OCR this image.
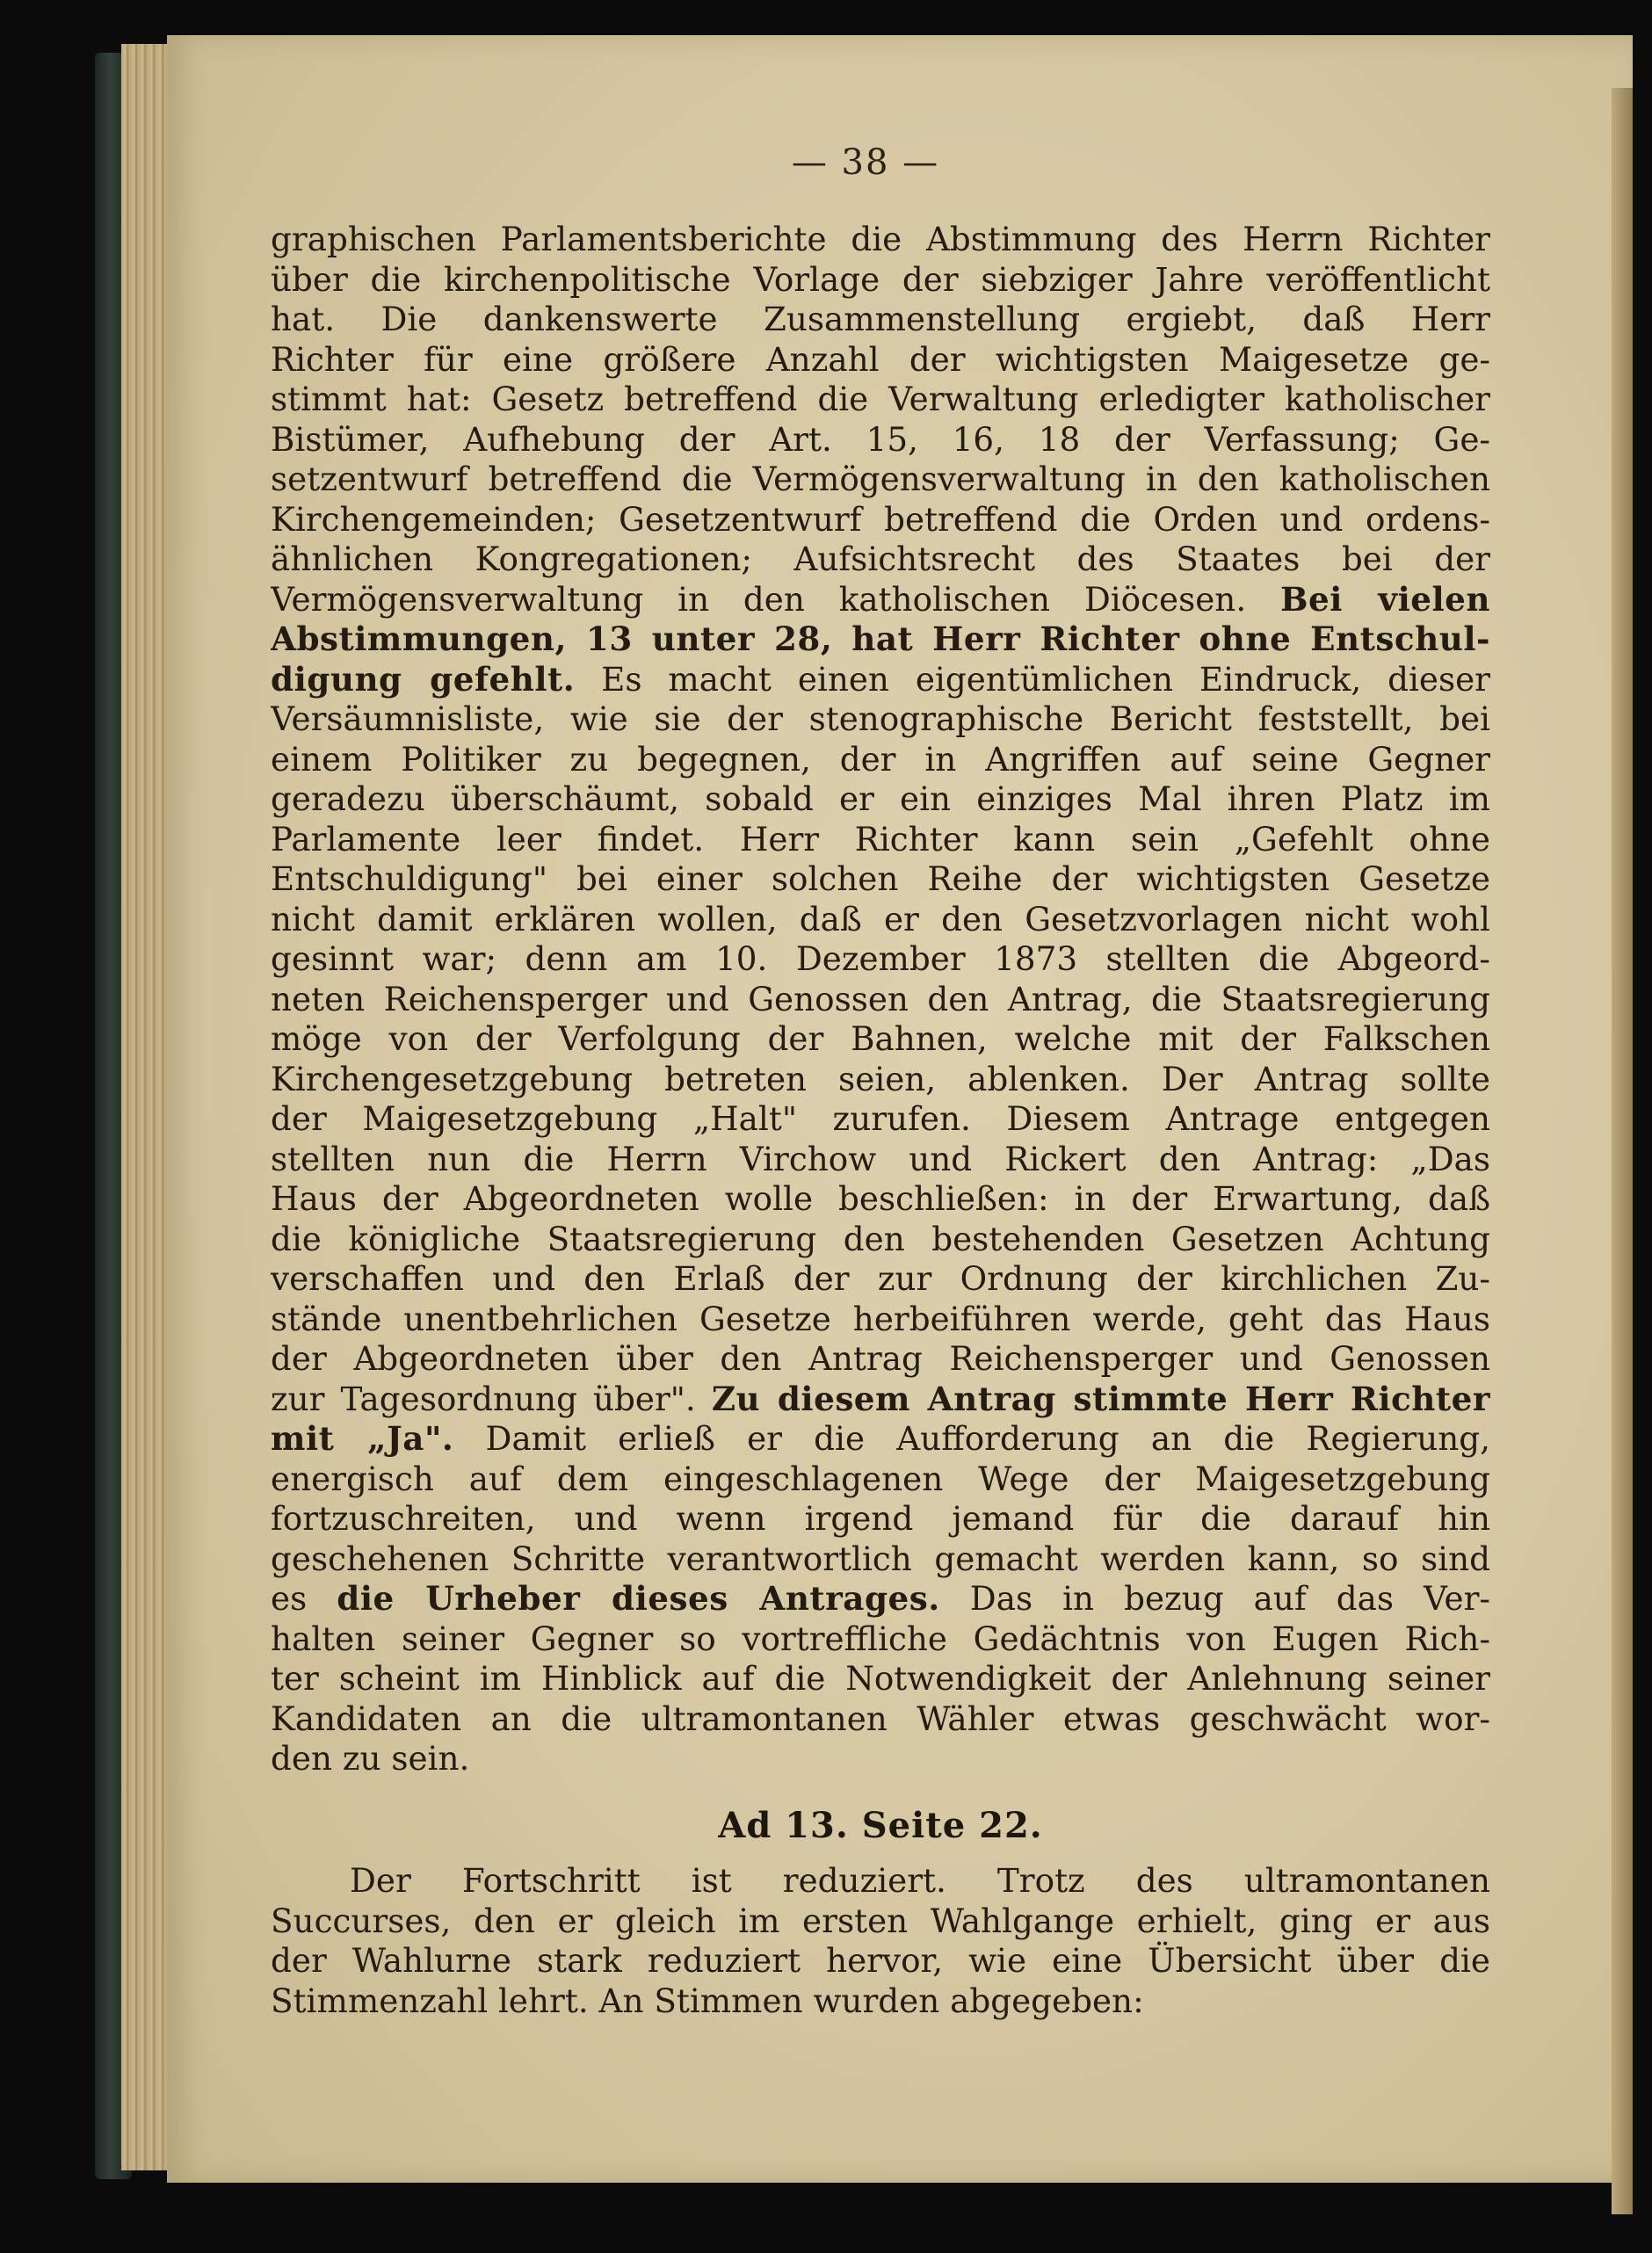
— 38 —
graphischen Parlamentsberichte die Abstimmung des Herrn Richter
über die kirchenpolitische Vorlage der siebziger Jahre veröffentlicht
hat. Die dankenswerte Zusammenstellung ergiebt, daß Herr
Richter für eine größere Anzahl der wichtigsten Maigesetze ge-
stimmt hat: Gesetz betreffend die Verwaltung erledigter katholischer
Bistümer, Aufhebung der Art. 15, 16, 18 der Verfassung; Ge-
setzentwurf betreffend die Vermögensverwaltung in den katholischen
Kirchengemeinden; Gesetzentwurf betreffend die Orden und ordens-
ähnlichen Kongregationen; Aufsichtsrecht des Staates bei der
Vermögensverwaltung in den katholischen Diöcesen. Bei vielen
Abstimmungen, 13 unter 28, hat Herr Richter ohne Entschul-
digung gefehlt. Es macht einen eigentümlichen Eindruck, dieser
Versäumnisliste, wie sie der stenographische Bericht feststellt, bei
einem Politiker zu begegnen, der in Angriffen auf seine Gegner
geradezu überschäumt, sobald er ein einziges Mal ihren Platz im
Parlamente leer findet. Herr Richter kann sein „Gefehlt ohne
Entschuldigung" bei einer solchen Reihe der wichtigsten Gesetze
nicht damit erklären wollen, daß er den Gesetzvorlagen nicht wohl
gesinnt war; denn am 10. Dezember 1873 stellten die Abgeord-
neten Reichensperger und Genossen den Antrag, die Staatsregierung
möge von der Verfolgung der Bahnen, welche mit der Falkschen
Kirchengesetzgebung betreten seien, ablenken. Der Antrag sollte
der Maigesetzgebung „Halt" zurufen. Diesem Antrage entgegen
stellten nun die Herrn Virchow und Rickert den Antrag: „Das
Haus der Abgeordneten wolle beschließen: in der Erwartung, daß
die königliche Staatsregierung den bestehenden Gesetzen Achtung
verschaffen und den Erlaß der zur Ordnung der kirchlichen Zu-
stände unentbehrlichen Gesetze herbeiführen werde, geht das Haus
der Abgeordneten über den Antrag Reichensperger und Genossen
zur Tagesordnung über". Zu diesem Antrag stimmte Herr Richter
mit „Ja". Damit erließ er die Aufforderung an die Regierung,
energisch auf dem eingeschlagenen Wege der Maigesetzgebung
fortzuschreiten, und wenn irgend jemand für die darauf hin
geschehenen Schritte verantwortlich gemacht werden kann, so sind
es die Urheber dieses Antrages. Das in bezug auf das Ver-
halten seiner Gegner so vortreffliche Gedächtnis von Eugen Rich-
ter scheint im Hinblick auf die Notwendigkeit der Anlehnung seiner
Kandidaten an die ultramontanen Wähler etwas geschwächt wor-
den zu sein.
Ad 13. Seite 22.
Der Fortschritt ist reduziert. Trotz des ultramontanen
Succurses, den er gleich im ersten Wahlgange erhielt, ging er aus
der Wahlurne stark reduziert hervor, wie eine Übersicht über die
Stimmenzahl lehrt. An Stimmen wurden abgegeben:
